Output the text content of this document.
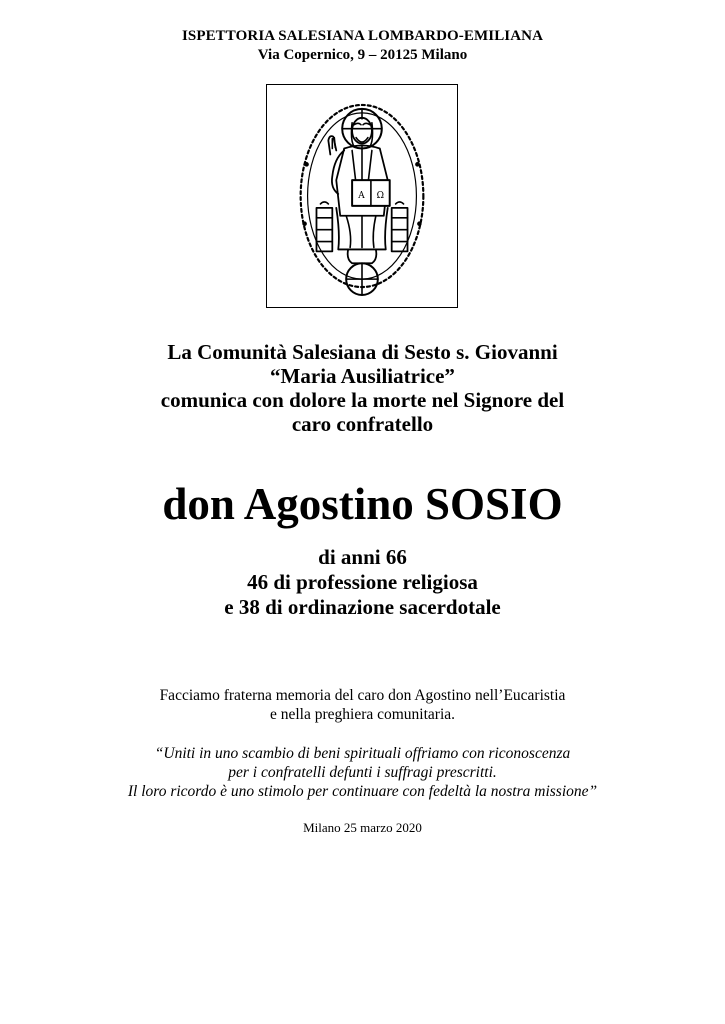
ISPETTORIA SALESIANA LOMBARDO-EMILIANA
Via Copernico, 9 – 20125 Milano
Α Ω
La Comunità Salesiana di Sesto s. Giovanni
“Maria Ausiliatrice”
comunica con dolore la morte nel Signore del
caro confratello
don Agostino SOSIO
di anni 66
46 di professione religiosa
e 38 di ordinazione sacerdotale
Facciamo fraterna memoria del caro don Agostino nell’Eucaristia
e nella preghiera comunitaria.
“Uniti in uno scambio di beni spirituali offriamo con riconoscenza
per i confratelli defunti i suffragi prescritti.
Il loro ricordo è uno stimolo per continuare con fedeltà la nostra missione”
Milano 25 marzo 2020
